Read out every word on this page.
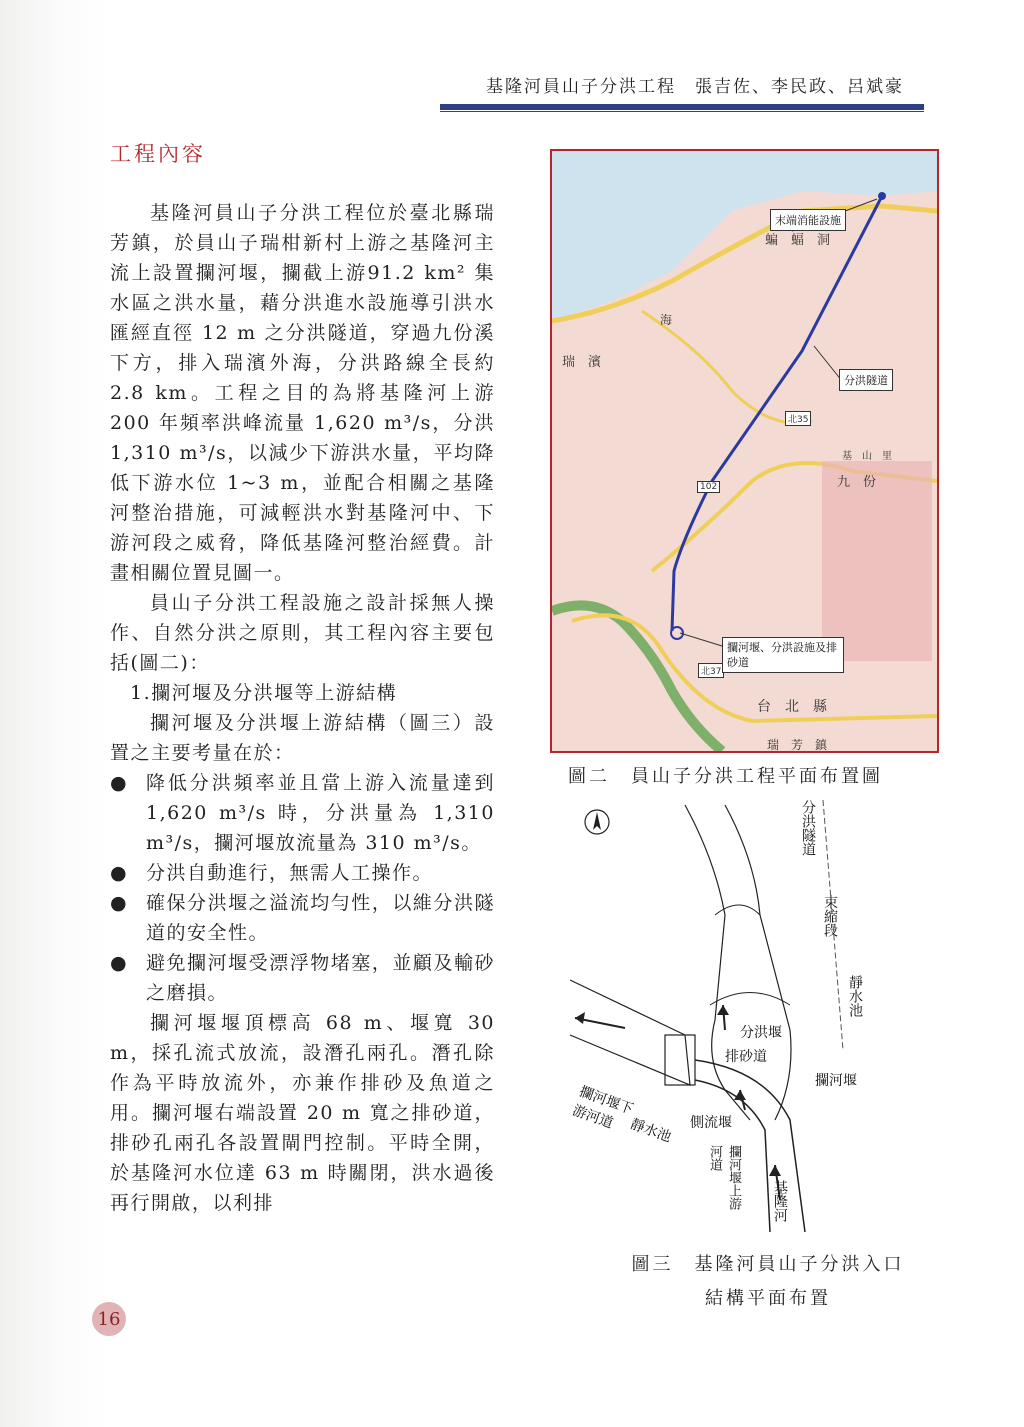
基隆河員山子分洪工程　張吉佐、李民政、呂斌豪
工程內容

基隆河員山子分洪工程位於臺北縣瑞芳鎮，於員山子瑞柑新村上游之基隆河主流上設置攔河堰，攔截上游91.2 km² 集水區之洪水量，藉分洪進水設施導引洪水匯經直徑 12 m 之分洪隧道，穿過九份溪下方，排入瑞濱外海，分洪路線全長約 2.8 km。工程之目的為將基隆河上游 200 年頻率洪峰流量 1,620 m³/s，分洪 1,310 m³/s，以減少下游洪水量，平均降低下游水位 1~3 m，並配合相關之基隆河整治措施，可減輕洪水對基隆河中、下游河段之威脅，降低基隆河整治經費。計畫相關位置見圖一。

員山子分洪工程設施之設計採無人操作、自然分洪之原則，其工程內容主要包括(圖二)：

1.攔河堰及分洪堰等上游結構

攔河堰及分洪堰上游結構（圖三）設置之主要考量在於：

● 降低分洪頻率並且當上游入流量達到 1,620 m³/s 時，分洪量為 1,310 m³/s，攔河堰放流量為 310 m³/s。
● 分洪自動進行，無需人工操作。
● 確保分洪堰之溢流均勻性，以維分洪隧道的安全性。
● 避免攔河堰受漂浮物堵塞，並顧及輸砂之磨損。

攔河堰堰頂標高 68 m、堰寬 30 m，採孔流式放流，設潛孔兩孔。潛孔除作為平時放流外，亦兼作排砂及魚道之用。攔河堰右端設置 20 m 寬之排砂道，排砂孔兩孔各設置閘門控制。平時全開，於基隆河水位達 63 m 時關閉，洪水過後再行開啟，以利排

16
蝙　蝠　洞
瑞　濱
海
九　份
基　山　里
台　北　縣
瑞　芳　鎮
102
北35
北37
末端消能設施
分洪隧道
攔河堰、分洪設施及排砂道
圖二　員山子分洪工程平面布置圖
分洪隧道
束縮段
靜水池
分洪堰
排砂道
攔河堰
攔河堰下游河道 靜水池 側流堰
攔河堰上游河道
基隆河
圖三　基隆河員山子分洪入口
結構平面布置
